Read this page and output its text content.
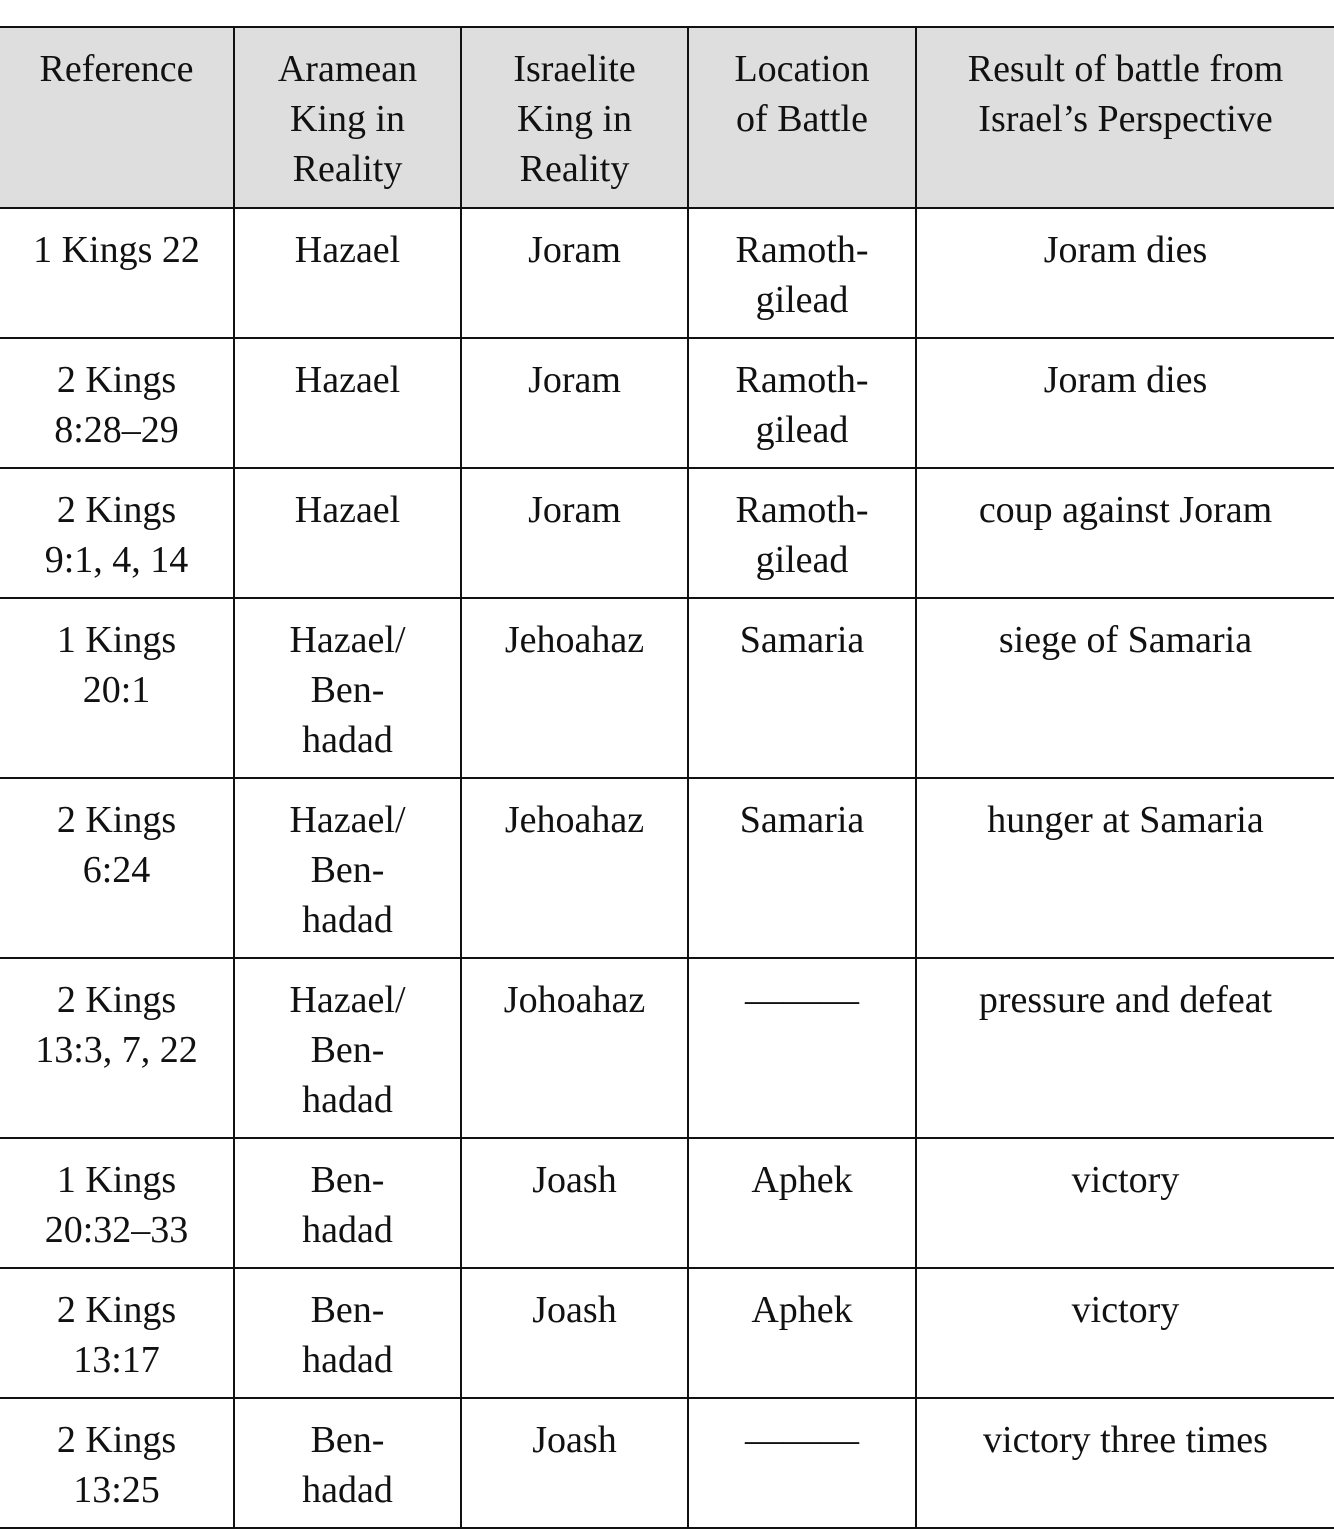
Reference	Aramean
King in
Reality	Israelite
King in
Reality	Location
of Battle	Result of battle from
Israel’s Perspective
1 Kings 22	Hazael	Joram	Ramoth-
gilead	Joram dies
2 Kings
8:28–29	Hazael	Joram	Ramoth-
gilead	Joram dies
2 Kings
9:1, 4, 14	Hazael	Joram	Ramoth-
gilead	coup against Joram
1 Kings
20:1	Hazael/
Ben-
hadad	Jehoahaz	Samaria	siege of Samaria
2 Kings
6:24	Hazael/
Ben-
hadad	Jehoahaz	Samaria	hunger at Samaria
2 Kings
13:3, 7, 22	Hazael/
Ben-
hadad	Johoahaz	———	pressure and defeat
1 Kings
20:32–33	Ben-
hadad	Joash	Aphek	victory
2 Kings
13:17	Ben-
hadad	Joash	Aphek	victory
2 Kings
13:25	Ben-
hadad	Joash	———	victory three times
